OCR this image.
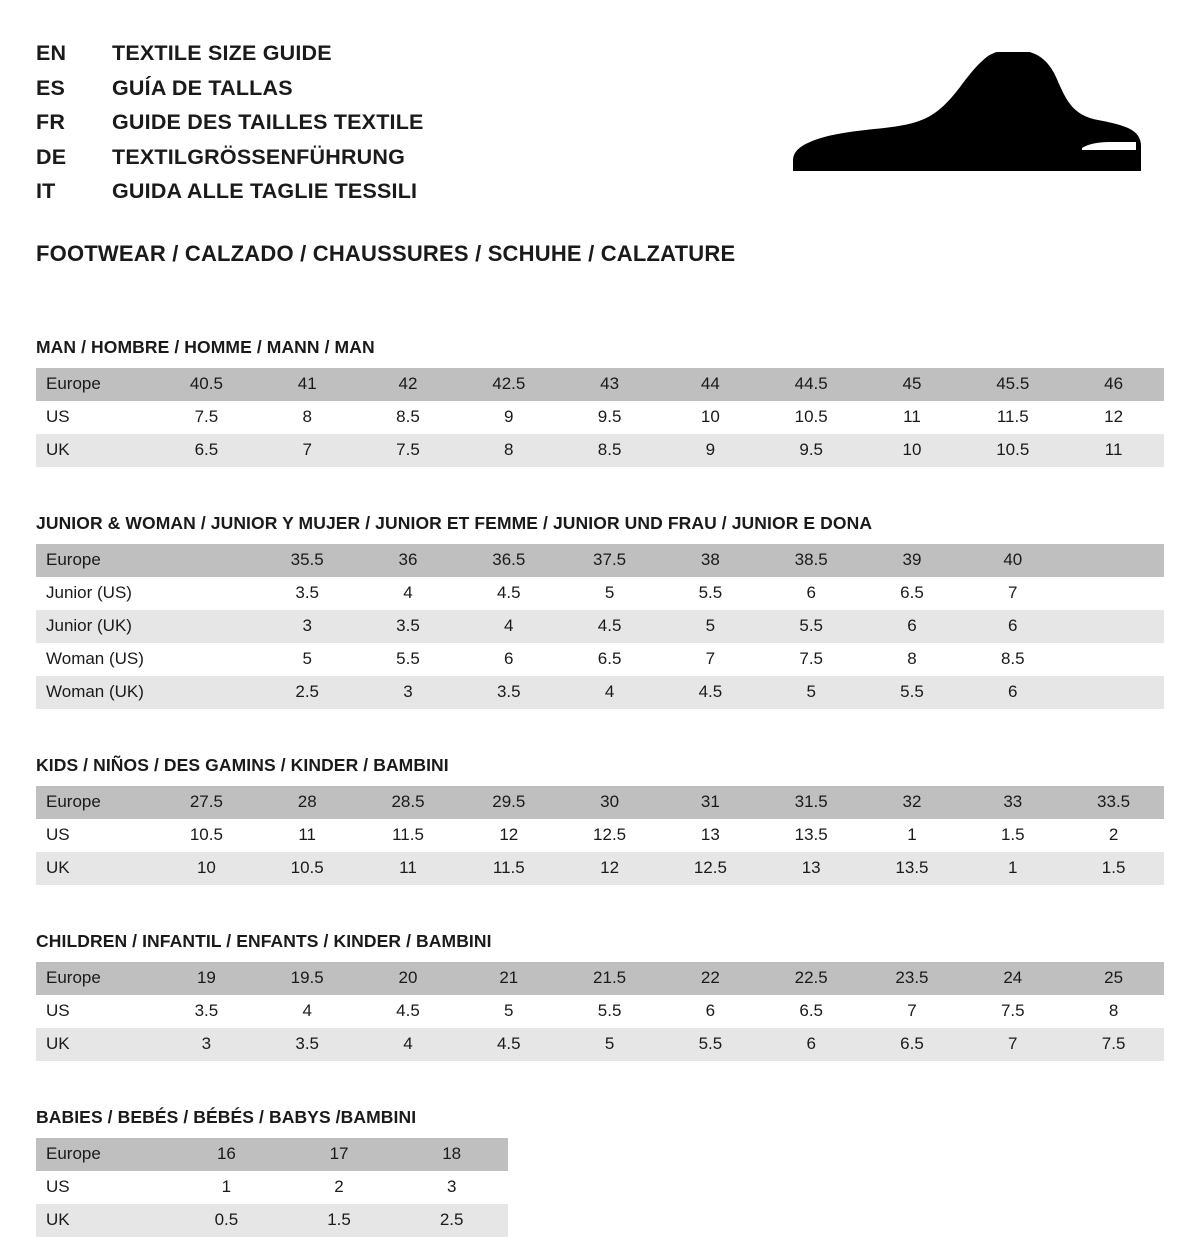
EN	TEXTILE SIZE GUIDE
ES	GUÍA DE TALLAS
FR	GUIDE DES TAILLES TEXTILE
DE	TEXTILGRÖSSENFÜHRUNG
IT	GUIDA ALLE TAGLIE TESSILI
FOOTWEAR / CALZADO / CHAUSSURES / SCHUHE / CALZATURE
MAN / HOMBRE / HOMME / MANN / MAN
Europe	40.5	41	42	42.5	43	44	44.5	45	45.5	46
US	7.5	8	8.5	9	9.5	10	10.5	11	11.5	12
UK	6.5	7	7.5	8	8.5	9	9.5	10	10.5	11
JUNIOR & WOMAN / JUNIOR Y MUJER / JUNIOR ET FEMME / JUNIOR UND FRAU / JUNIOR E DONA
Europe		35.5	36	36.5	37.5	38	38.5	39	40	
Junior (US)		3.5	4	4.5	5	5.5	6	6.5	7	
Junior (UK)		3	3.5	4	4.5	5	5.5	6	6	
Woman (US)		5	5.5	6	6.5	7	7.5	8	8.5	
Woman (UK)		2.5	3	3.5	4	4.5	5	5.5	6	
KIDS / NIÑOS / DES GAMINS / KINDER / BAMBINI
Europe	27.5	28	28.5	29.5	30	31	31.5	32	33	33.5
US	10.5	11	11.5	12	12.5	13	13.5	1	1.5	2
UK	10	10.5	11	11.5	12	12.5	13	13.5	1	1.5
CHILDREN / INFANTIL / ENFANTS / KINDER / BAMBINI
Europe	19	19.5	20	21	21.5	22	22.5	23.5	24	25
US	3.5	4	4.5	5	5.5	6	6.5	7	7.5	8
UK	3	3.5	4	4.5	5	5.5	6	6.5	7	7.5
BABIES / BEBÉS / BÉBÉS / BABYS /BAMBINI
Europe	16	17	18
US	1	2	3
UK	0.5	1.5	2.5
